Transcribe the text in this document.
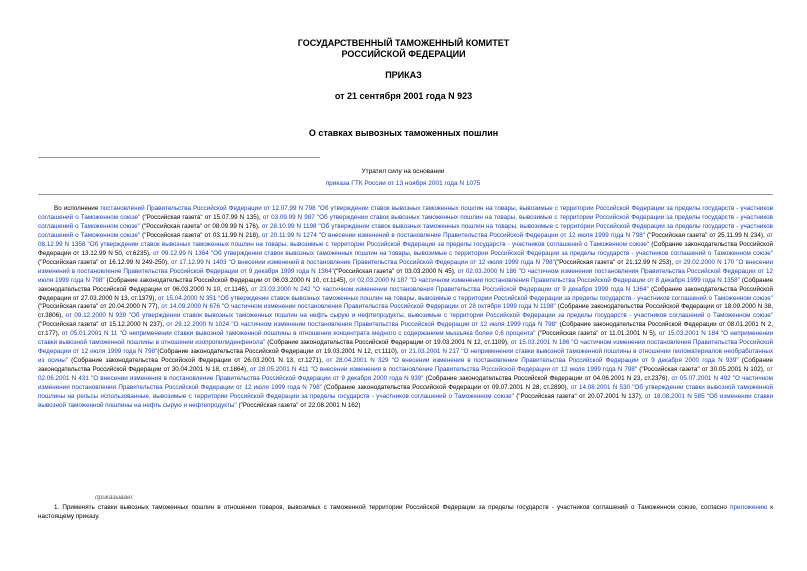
ГОСУДАРСТВЕННЫЙ ТАМОЖЕННЫЙ КОМИТЕТ

РОССИЙСКОЙ ФЕДЕРАЦИИ

ПРИКАЗ

от 21 сентября 2001 года N 923

О ставках вывозных таможенных пошлин

Утратил силу на основании
приказа ГТК России от 13 ноября 2001 года N 1075

Во исполнение постановлений Правительства Российской Федерации от 12.07.99 N 798 "Об утверждении ставок вывозных таможенных пошлин на товары, вывозимые с территории Российской Федерации за пределы государств - участников соглашений о Таможенном союзе" ("Российская газета" от 15.07.99 N 135), от 03.09.99 N 987 "Об утверждении ставок вывозных таможенных пошлин на товары, вывозимые с территории Российской Федерации за пределы государств - участников соглашений о Таможенном союзе" ("Российская газета" от 08.09.99 N 176), от 28.10.99 N 1198 "Об утверждении ставок вывозных таможенных пошлин на товары, вывозимые с территории Российской Федерации за пределы государств - участников соглашений о Таможенном союзе" ("Российская газета" от 03.11.99 N 218), от 20.11.99 N 1274 "О внесении изменений в постановление Правительства Российской Федерации от 12 июля 1999 года N 798" ("Российская газета" от 25.11.99 N 234), от 08.12.99 N 1358 "Об утверждении ставок вывозных таможенных пошлин на товары, вывозимые с территории Российской Федерации за пределы государств - участников соглашений о Таможенном союзе" (Собрание законодательства Российской Федерации от 13.12.99 N 50, ст.6235), от 09.12.99 N 1364 "Об утверждении ставок вывозных таможенных пошлин на товары, вывозимые с территории Российской Федерации за пределы государств - участников соглашений о Таможенном союзе" ("Российская газета" от 16.12.99 N 249-250), от 17.12.99 N 1403 "О внесении изменений в постановление Правительства Российской Федерации от 12 июля 1999 года N 798"("Российская газета" от 21.12.99 N 253), от 29.02.2000 N 170 "О внесении изменений в постановление Правительства Российской Федерации от 9 декабря 1999 года N 1364"("Российская газета" от 03.03.2000 N 45), от 02.03.2000 N 186 "О частичном изменении постановления Правительства Российской Федерации от 12 июля 1999 года N 798" (Собрание законодательства Российской Федерации от 06.03.2000 N 10, ст.1145), от 02.03.2000 N 187 "О частичном изменении постановления Правительства Российской Федерации от 8 декабря 1999 года N 1358" (Собрание законодательства Российской Федерации от 06.03.2000 N 10, ст.1146), от 23.03.2000 N 242 "О частичном изменении постановления Правительства Российской Федерации от 9 декабря 1999 года N 1364" (Собрание законодательства Российской Федерации от 27.03.2000 N 13, ст.1379), от 15.04.2000 N 351 "Об утверждении ставок вывозных таможенных пошлин на товары, вывозимые с территории Российской Федерации за пределы государств - участников соглашений о Таможенном союзе" ("Российская газета" от 20.04.2000 N 77), от 14.09.2000 N 676 "О частичном изменении постановления Правительства Российской Федерации от 28 октября 1999 года N 1198" (Собрание законодательства Российской Федерации от 18.09.2000 N 38, ст.3806), от 09.12.2000 N 939 "Об утверждении ставок вывозных таможенных пошлин на нефть сырую и нефтепродукты, вывозимые с территории Российской Федерации за пределы государств - участников соглашений о Таможенном союзе" ("Российская газета" от 15.12.2000 N 237), от 29.12.2000 N 1024 "О частичном изменении постановления Правительства Российской Федерации от 12 июля 1999 года N 798" (Собрание законодательства Российской Федерации от 08.01.2001 N 2, ст.177), от 05.01.2001 N 11 "О неприменении ставки вывозной таможенной пошлины в отношении концентрата медного с содержанием мышьяка более 0,6 процента" ("Российская газета" от 11.01.2001 N 5), от 15.03.2001 N 184 "О неприменении ставки вывозной таможенной пошлины в отношении изопропилиденфенола" (Собрание законодательства Российской Федерации от 19.03.2001 N 12, ст.1109), от 15.03.2001 N 186 "О частичном изменении постановления Правительства Российской Федерации от 12 июля 1999 года N 798"(Собрание законодательства Российской Федерации от 19.03.2001 N 12, ст.1110), от 21.03.2001 N 217 "О неприменении ставки вывозной таможенной пошлины в отношении пиломатериалов необработанных из осины" (Собрание законодательства Российской Федерации от 26.03.2001 N 13, ст.1271), от 28.04.2001 N 329 "О внесении изменения в постановление Правительства Российской Федерации от 9 декабря 2000 года N 939" (Собрание законодательства Российской Федерации от 30.04.2001 N 18, ст.1864), от 28.05.2001 N 411 "О внесении изменения в постановление Правительства Российской Федерации от 12 июля 1999 года N 798" ("Российская газета" от 30.05.2001 N 102), от 02.06.2001 N 431 "О внесении изменения в постановление Правительства Российской Федерации от 9 декабря 2000 года N 939" (Собрание законодательства Российской Федерации от 04.06.2001 N 23, ст.2376), от 05.07.2001 N 492 "О частичном изменении постановления Правительства Российской Федерации от 12 июля 1999 года N 798" (Собрание законодательства Российской Федерации от 09.07.2001 N 28, ст.2890), от 14.08.2001 N 530 "Об утверждении ставки вывозной таможенной пошлины на рельсы использованные, вывозимые с территории Российской Федерации за пределы государств - участников соглашений о Таможенном союзе" ("Российская газета" от 20.07.2001 N 137), от 18.08.2001 N 585 "Об изменении ставки вывозной таможенной пошлины на нефть сырую и нефтепродукты" ("Российская газета" от 22.08.2001 N 162)

приказываю:

1. Применять ставки вывозных таможенных пошлин в отношении товаров, вывозимых с таможенной территории Российской Федерации за пределы государств - участников соглашений о Таможенном союзе, согласно приложению к настоящему приказу.
